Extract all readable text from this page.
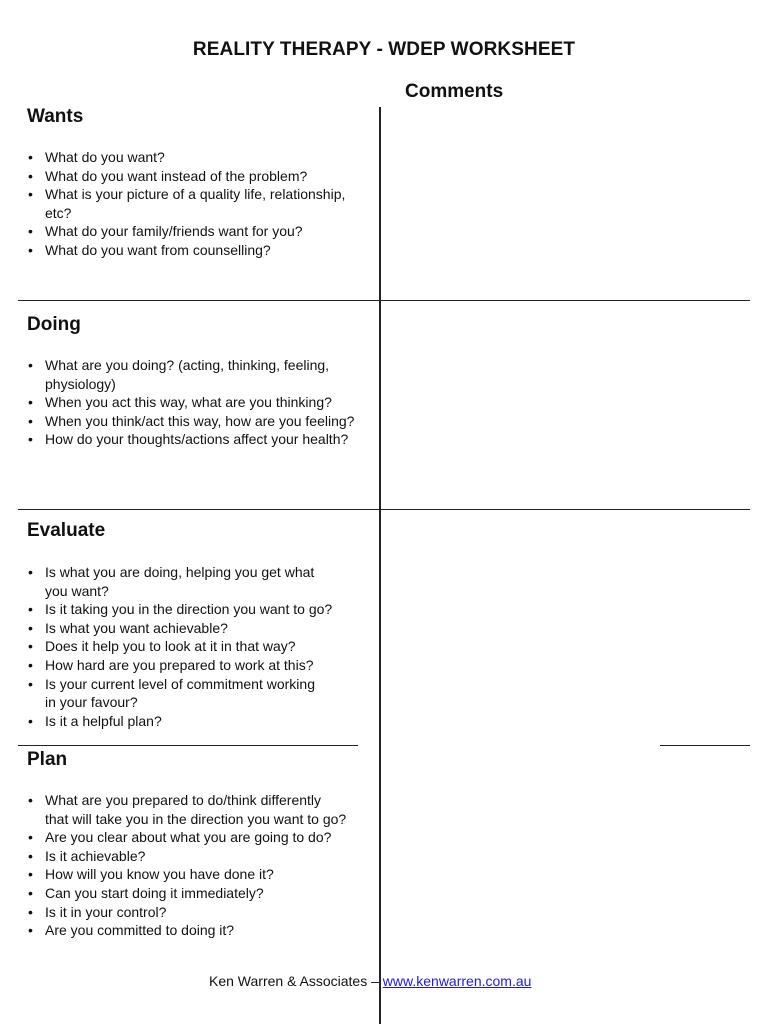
REALITY THERAPY - WDEP WORKSHEET
Comments
Wants
• What do you want?
• What do you want instead of the problem?
• What is your picture of a quality life, relationship,
etc?
• What do your family/friends want for you?
• What do you want from counselling?
Doing
• What are you doing? (acting, thinking, feeling,
physiology)
• When you act this way, what are you thinking?
• When you think/act this way, how are you feeling?
• How do your thoughts/actions affect your health?
Evaluate
• Is what you are doing, helping you get what
you want?
• Is it taking you in the direction you want to go?
• Is what you want achievable?
• Does it help you to look at it in that way?
• How hard are you prepared to work at this?
• Is your current level of commitment working
in your favour?
• Is it a helpful plan?
Plan
• What are you prepared to do/think differently
that will take you in the direction you want to go?
• Are you clear about what you are going to do?
• Is it achievable?
• How will you know you have done it?
• Can you start doing it immediately?
• Is it in your control?
• Are you committed to doing it?
Ken Warren & Associates – www.kenwarren.com.au
